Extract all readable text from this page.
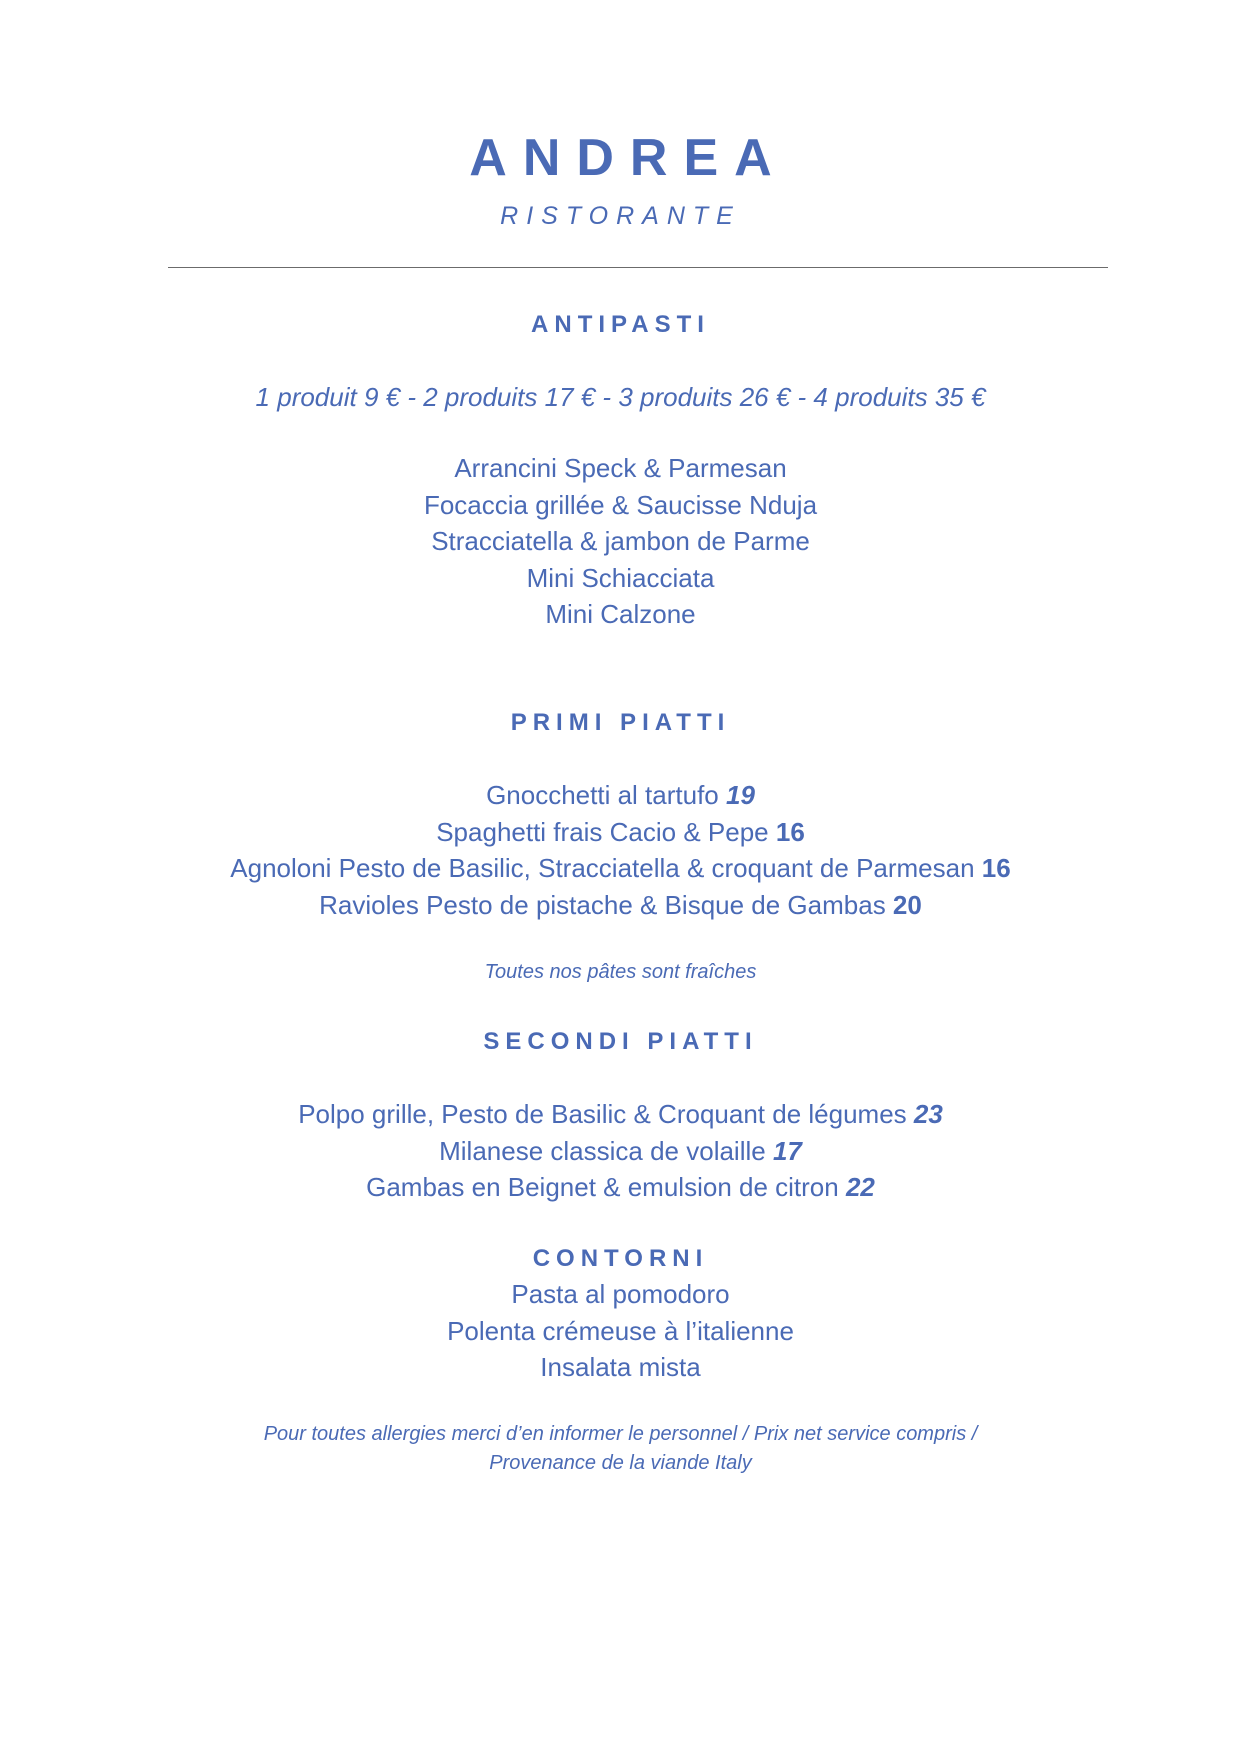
ANDREA
RISTORANTE
ANTIPASTI
1 produit 9 € - 2 produits 17 € - 3 produits 26 € - 4 produits 35 €
Arrancini Speck & Parmesan
Focaccia grillée & Saucisse Nduja
Stracciatella & jambon de Parme
Mini Schiacciata
Mini Calzone
PRIMI PIATTI
Gnocchetti al tartufo 19
Spaghetti frais Cacio & Pepe 16
Agnoloni Pesto de Basilic, Stracciatella & croquant de Parmesan 16
Ravioles Pesto de pistache & Bisque de Gambas 20
Toutes nos pâtes sont fraîches
SECONDI PIATTI
Polpo grille, Pesto de Basilic & Croquant de légumes 23
Milanese classica de volaille 17
Gambas en Beignet & emulsion de citron 22
CONTORNI
Pasta al pomodoro
Polenta crémeuse à l’italienne
Insalata mista
Pour toutes allergies merci d’en informer le personnel / Prix net service compris /
Provenance de la viande Italy
